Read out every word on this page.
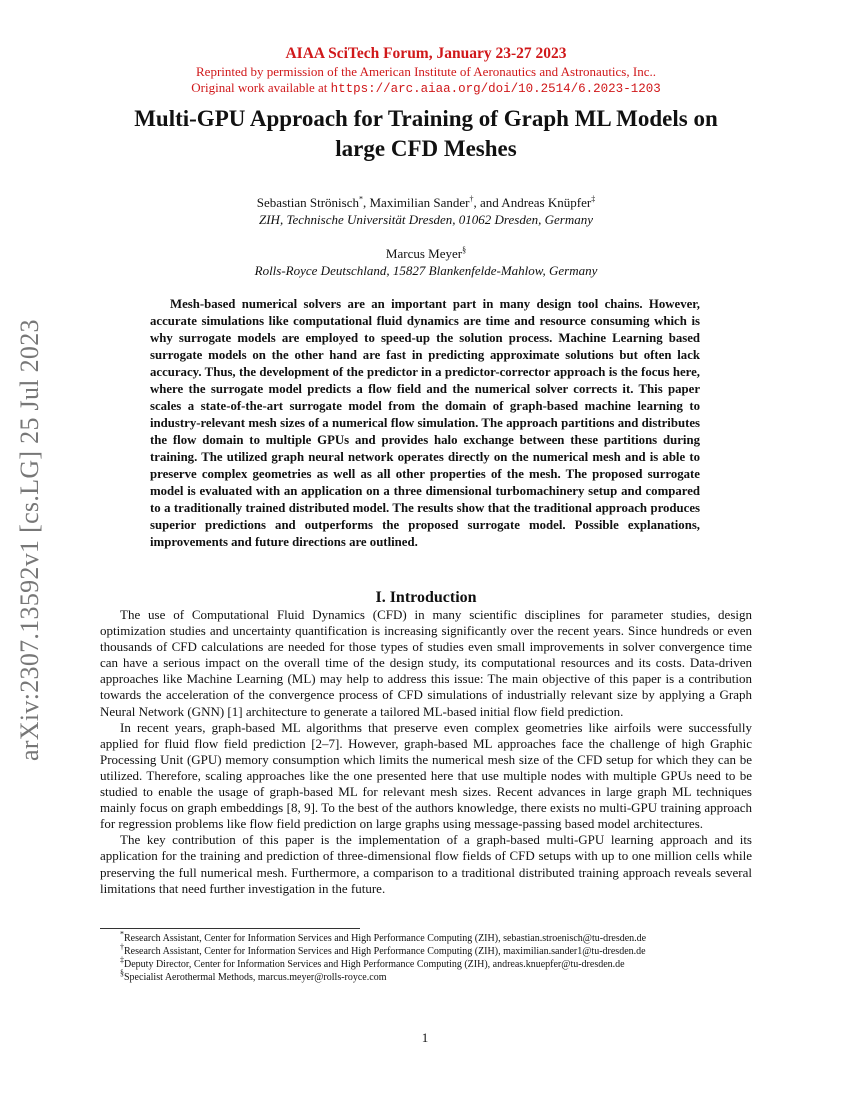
arXiv:2307.13592v1 [cs.LG] 25 Jul 2023
AIAA SciTech Forum, January 23-27 2023
Reprinted by permission of the American Institute of Aeronautics and Astronautics, Inc..
Original work available at https://arc.aiaa.org/doi/10.2514/6.2023-1203
Multi-GPU Approach for Training of Graph ML Models on
large CFD Meshes
Sebastian Strönisch*, Maximilian Sander†, and Andreas Knüpfer‡
ZIH, Technische Universität Dresden, 01062 Dresden, Germany
Marcus Meyer§
Rolls-Royce Deutschland, 15827 Blankenfelde-Mahlow, Germany
Mesh-based numerical solvers are an important part in many design tool chains. However, accurate simulations like computational fluid dynamics are time and resource consuming which is why surrogate models are employed to speed-up the solution process. Machine Learning based surrogate models on the other hand are fast in predicting approximate solutions but often lack accuracy. Thus, the development of the predictor in a predictor-corrector approach is the focus here, where the surrogate model predicts a flow field and the numerical solver corrects it. This paper scales a state-of-the-art surrogate model from the domain of graph-based machine learning to industry-relevant mesh sizes of a numerical flow simulation. The approach partitions and distributes the flow domain to multiple GPUs and provides halo exchange between these partitions during training. The utilized graph neural network operates directly on the numerical mesh and is able to preserve complex geometries as well as all other properties of the mesh. The proposed surrogate model is evaluated with an application on a three dimensional turbomachinery setup and compared to a traditionally trained distributed model. The results show that the traditional approach produces superior predictions and outperforms the proposed surrogate model. Possible explanations, improvements and future directions are outlined.
I. Introduction

The use of Computational Fluid Dynamics (CFD) in many scientific disciplines for parameter studies, design optimization studies and uncertainty quantification is increasing significantly over the recent years. Since hundreds or even thousands of CFD calculations are needed for those types of studies even small improvements in solver convergence time can have a serious impact on the overall time of the design study, its computational resources and its costs. Data-driven approaches like Machine Learning (ML) may help to address this issue: The main objective of this paper is a contribution towards the acceleration of the convergence process of CFD simulations of industrially relevant size by applying a Graph Neural Network (GNN) [1] architecture to generate a tailored ML-based initial flow field prediction.

In recent years, graph-based ML algorithms that preserve even complex geometries like airfoils were successfully applied for fluid flow field prediction [2–7]. However, graph-based ML approaches face the challenge of high Graphic Processing Unit (GPU) memory consumption which limits the numerical mesh size of the CFD setup for which they can be utilized. Therefore, scaling approaches like the one presented here that use multiple nodes with multiple GPUs need to be studied to enable the usage of graph-based ML for relevant mesh sizes. Recent advances in large graph ML techniques mainly focus on graph embeddings [8, 9]. To the best of the authors knowledge, there exists no multi-GPU training approach for regression problems like flow field prediction on large graphs using message-passing based model architectures.

The key contribution of this paper is the implementation of a graph-based multi-GPU learning approach and its application for the training and prediction of three-dimensional flow fields of CFD setups with up to one million cells while preserving the full numerical mesh. Furthermore, a comparison to a traditional distributed training approach reveals several limitations that need further investigation in the future.

*Research Assistant, Center for Information Services and High Performance Computing (ZIH), sebastian.stroenisch@tu-dresden.de
†Research Assistant, Center for Information Services and High Performance Computing (ZIH), maximilian.sander1@tu-dresden.de
‡Deputy Director, Center for Information Services and High Performance Computing (ZIH), andreas.knuepfer@tu-dresden.de
§Specialist Aerothermal Methods, marcus.meyer@rolls-royce.com
1
